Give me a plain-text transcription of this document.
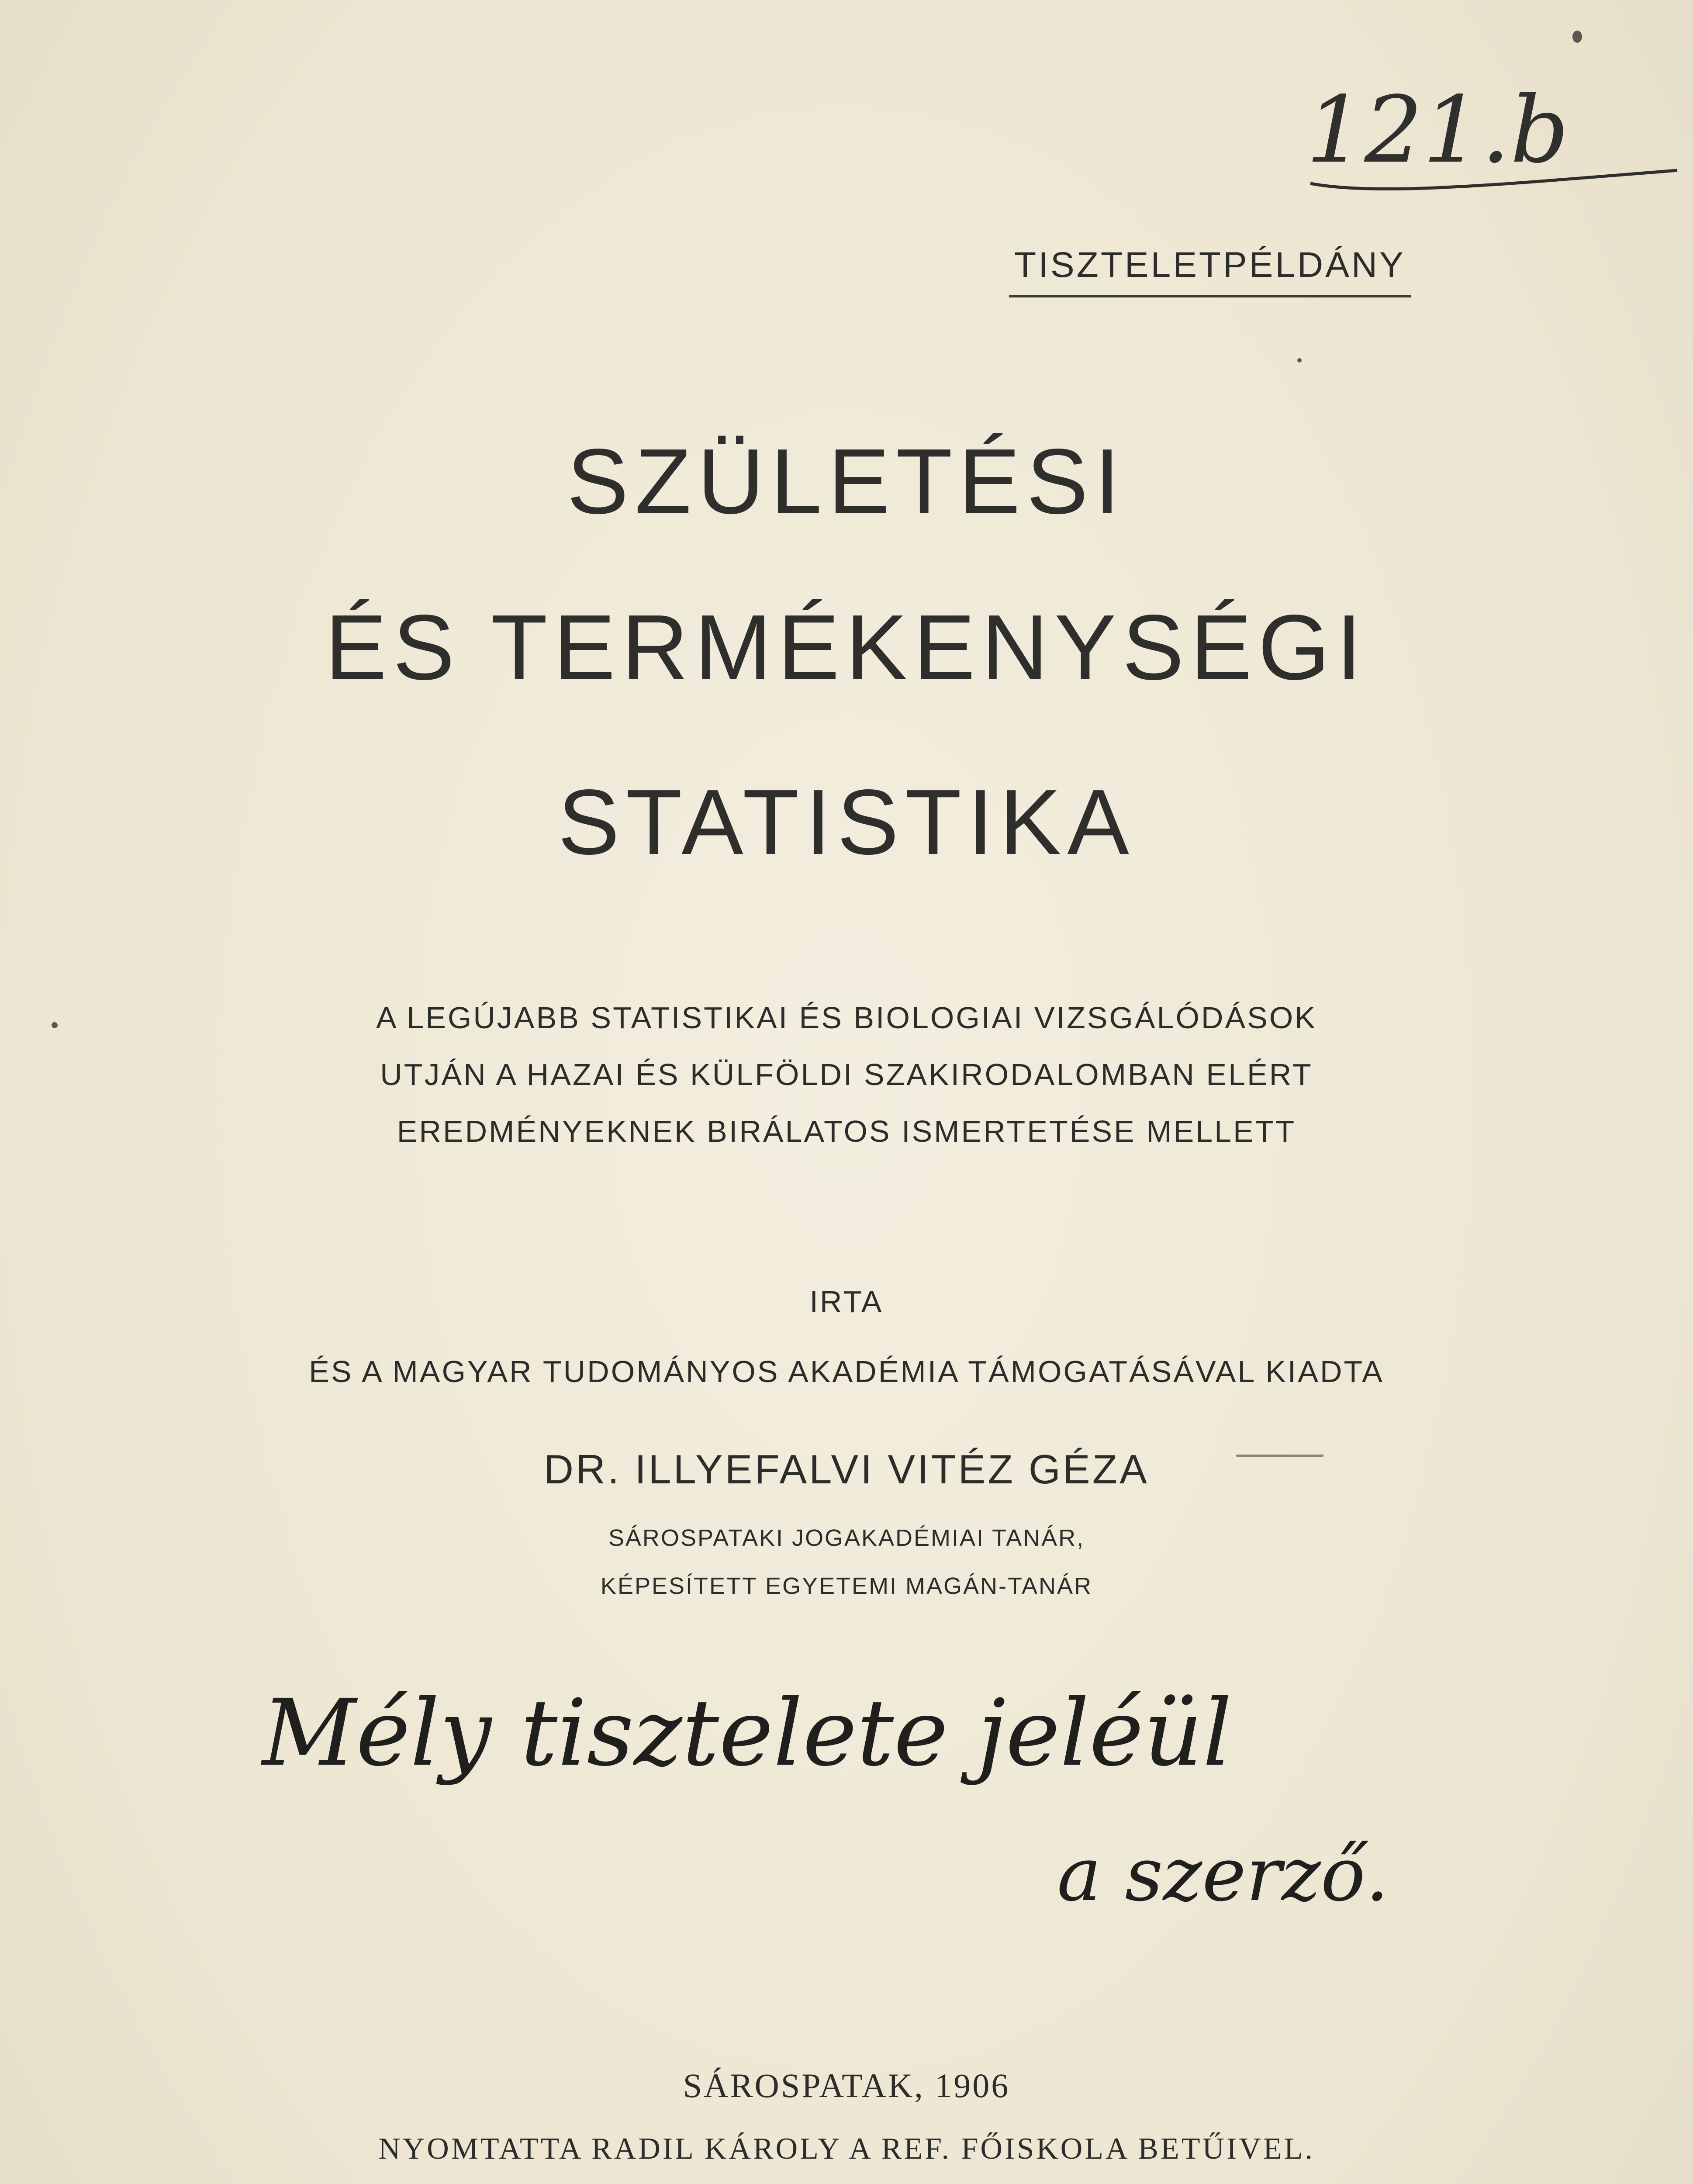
121.b
TISZTELETPÉLDÁNY
SZÜLETÉSI
ÉS TERMÉKENYSÉGI
STATISTIKA
A LEGÚJABB STATISTIKAI ÉS BIOLOGIAI VIZSGÁLÓDÁSOK
UTJÁN A HAZAI ÉS KÜLFÖLDI SZAKIRODALOMBAN ELÉRT
EREDMÉNYEKNEK BIRÁLATOS ISMERTETÉSE MELLETT
IRTA
ÉS A MAGYAR TUDOMÁNYOS AKADÉMIA TÁMOGATÁSÁVAL KIADTA
DR. ILLYEFALVI VITÉZ GÉZA
SÁROSPATAKI JOGAKADÉMIAI TANÁR,
KÉPESÍTETT EGYETEMI MAGÁN-TANÁR
Mély tisztelete jeléül
a szerző.
SÁROSPATAK, 1906
NYOMTATTA RADIL KÁROLY A REF. FŐISKOLA BETŰIVEL.
